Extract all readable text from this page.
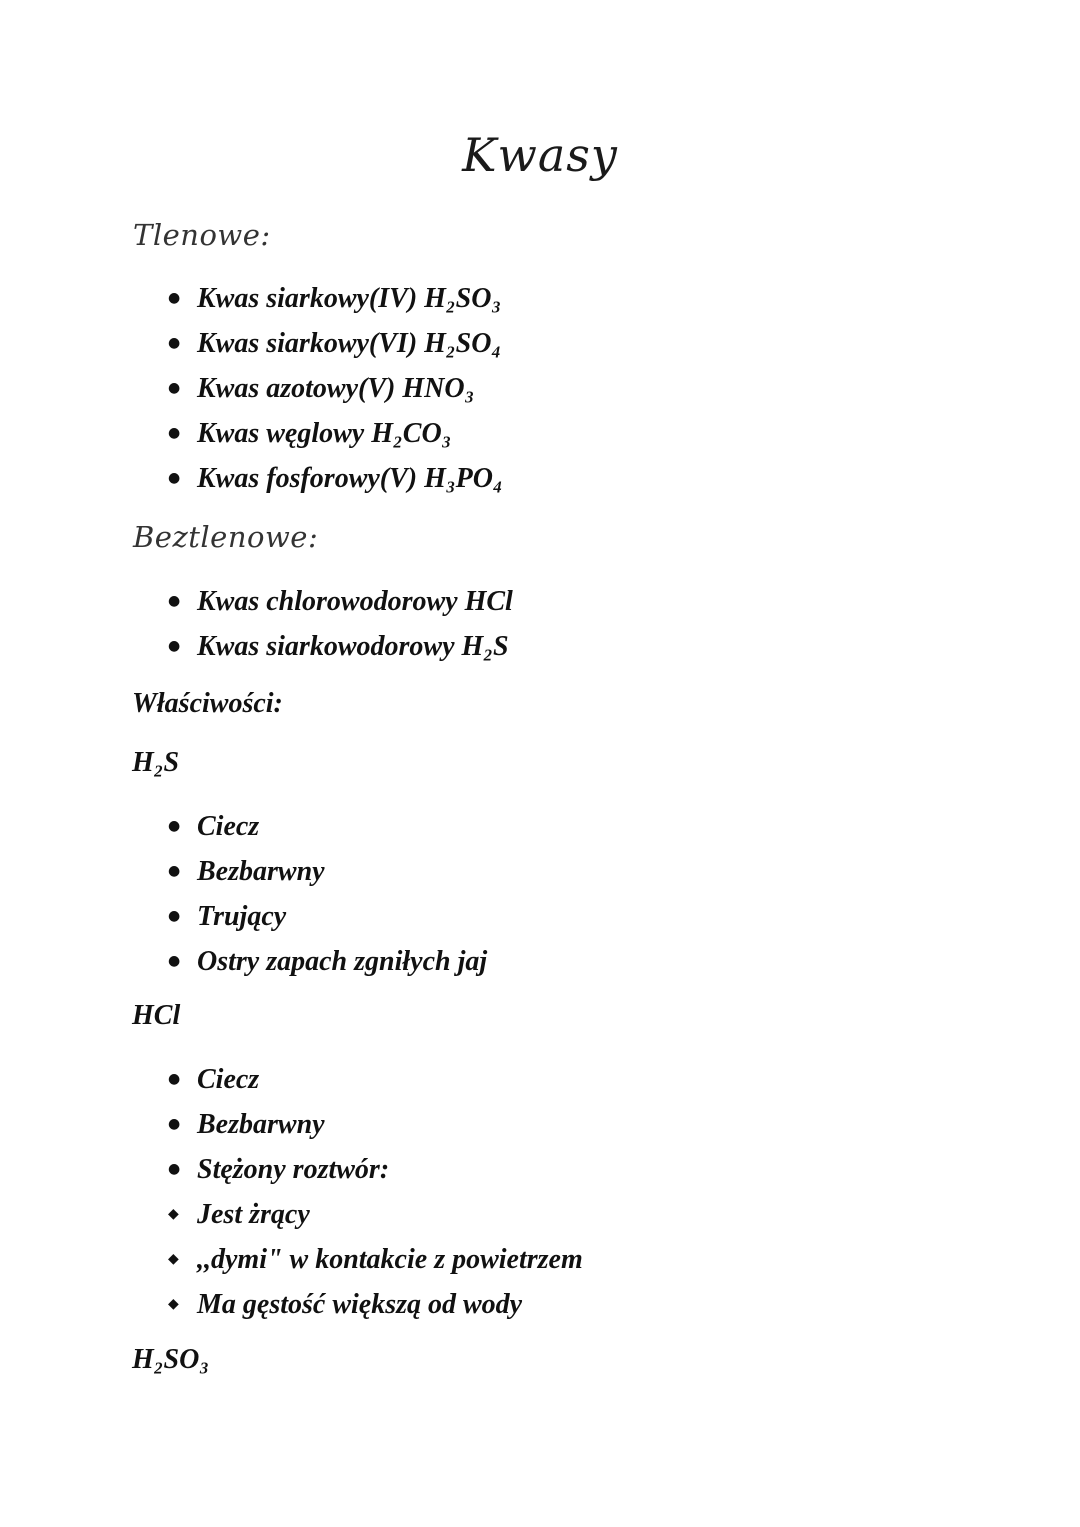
Kwasy

Tlenowe:

●
Kwas siarkowy(IV) H₂SO₃
●
Kwas siarkowy(VI) H₂SO₄
●
Kwas azotowy(V) HNO₃
●
Kwas węglowy H₂CO₃
●
Kwas fosforowy(V) H₃PO₄

Beztlenowe:

●
Kwas chlorowodorowy HCl
●
Kwas siarkowodorowy H₂S

Właściwości:

H₂S

●
Ciecz
●
Bezbarwny
●
Trujący
●
Ostry zapach zgniłych jaj

HCl

●
Ciecz
●
Bezbarwny
●
Stężony roztwór:
◆
Jest żrący
◆
,,dymi" w kontakcie z powietrzem
◆
Ma gęstość większą od wody

H₂SO₃
